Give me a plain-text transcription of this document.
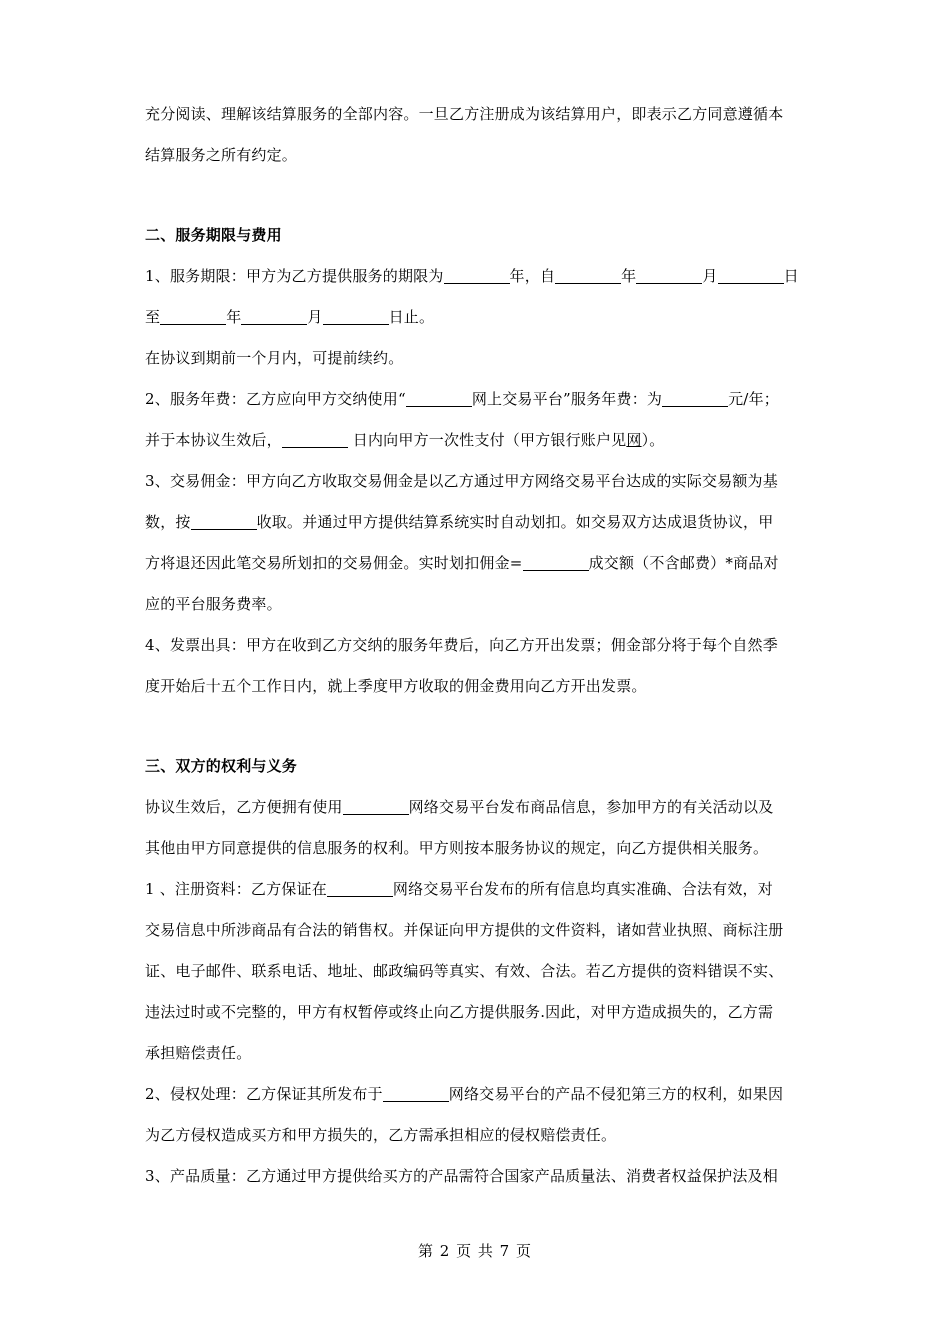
充分阅读、理解该结算服务的全部内容。一旦乙方注册成为该结算用户，即表示乙方同意遵循本
结算服务之所有约定。
二、服务期限与费用
1、服务期限：甲方为乙方提供服务的期限为	年，自	年	月	日
至	年	月	日止。
在协议到期前一个月内，可提前续约。
2、服务年费：乙方应向甲方交纳使用“	网上交易平台”服务年费：为	元/年；
并于本协议生效后，	日内向甲方一次性支付（甲方银行账户见网）。
3、交易佣金：甲方向乙方收取交易佣金是以乙方通过甲方网络交易平台达成的实际交易额为基
数，按	收取。并通过甲方提供结算系统实时自动划扣。如交易双方达成退货协议，甲
方将退还因此笔交易所划扣的交易佣金。实时划扣佣金=	成交额（不含邮费）*商品对
应的平台服务费率。
4、发票出具：甲方在收到乙方交纳的服务年费后，向乙方开出发票；佣金部分将于每个自然季
度开始后十五个工作日内，就上季度甲方收取的佣金费用向乙方开出发票。
三、双方的权利与义务
协议生效后，乙方便拥有使用	网络交易平台发布商品信息，参加甲方的有关活动以及
其他由甲方同意提供的信息服务的权利。甲方则按本服务协议的规定，向乙方提供相关服务。
1 、注册资料：乙方保证在	网络交易平台发布的所有信息均真实准确、合法有效，对
交易信息中所涉商品有合法的销售权。并保证向甲方提供的文件资料，诸如营业执照、商标注册
证、电子邮件、联系电话、地址、邮政编码等真实、有效、合法。若乙方提供的资料错误不实、
违法过时或不完整的，甲方有权暂停或终止向乙方提供服务.因此，对甲方造成损失的，乙方需
承担赔偿责任。
2、侵权处理：乙方保证其所发布于	网络交易平台的产品不侵犯第三方的权利，如果因
为乙方侵权造成买方和甲方损失的，乙方需承担相应的侵权赔偿责任。
3、产品质量：乙方通过甲方提供给买方的产品需符合国家产品质量法、消费者权益保护法及相
第 2 页 共 7 页
